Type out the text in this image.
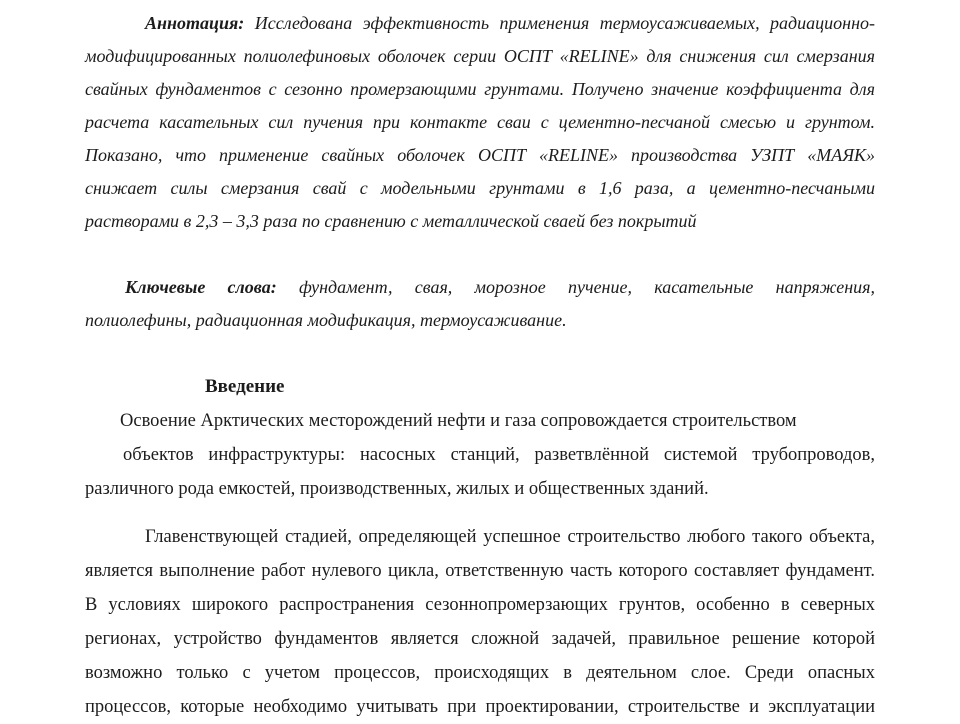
Аннотация: Исследована эффективность применения термоусаживаемых, радиационно-
модифицированных полиолефиновых оболочек серии ОСПТ «RELINE» для снижения сил смерзания
свайных фундаментов с сезонно промерзающими грунтами. Получено значение коэффициента для
расчета касательных сил пучения при контакте сваи с цементно-песчаной смесью и грунтом.
Показано, что применение свайных оболочек ОСПТ «RELINE» производства УЗПТ «МАЯК»
снижает силы смерзания свай с модельными грунтами в 1,6 раза, а цементно-песчаными
растворами в 2,3 – 3,3 раза по сравнению с металлической сваей без покрытий
Ключевые слова: фундамент, свая, морозное пучение, касательные напряжения,
полиолефины, радиационная модификация, термоусаживание.
Введение
Освоение Арктических месторождений нефти и газа сопровождается строительством
объектов инфраструктуры: насосных станций, разветвлённой системой трубопроводов,
различного рода емкостей, производственных, жилых и общественных зданий.
Главенствующей стадией, определяющей успешное строительство любого такого объекта,
является выполнение работ нулевого цикла, ответственную часть которого составляет фундамент.
В условиях широкого распространения сезоннопромерзающих грунтов, особенно в северных
регионах, устройство фундаментов является сложной задачей, правильное решение которой
возможно только с учетом процессов, происходящих в деятельном слое. Среди опасных
процессов, которые необходимо учитывать при проектировании, строительстве и эксплуатации
